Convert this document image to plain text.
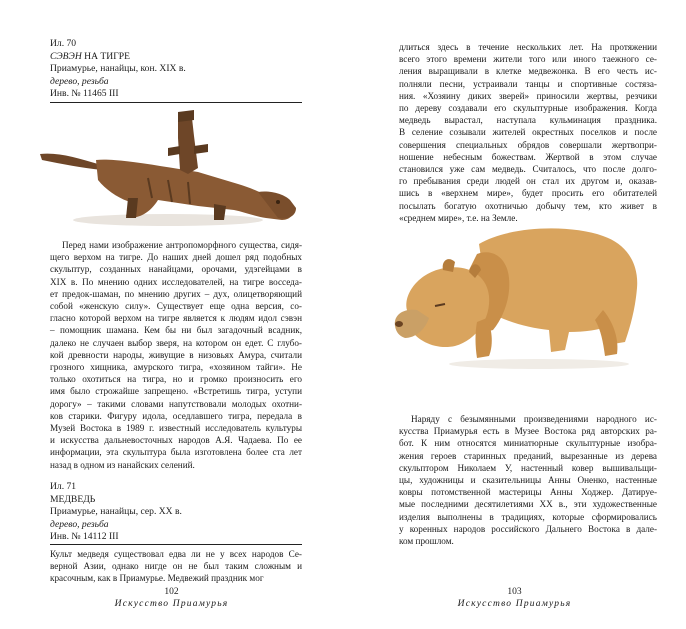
Ил. 70
СЭВЭН НА ТИГРЕ
Приамурье, нанайцы, кон. XIX в.
дерево, резьба
Инв. № 11465 III
Перед нами изображение антропоморфного существа, сидя-
щего верхом на тигре. До наших дней дошел ряд подобных
скульптур, созданных нанайцами, орочами, удэгейцами в
XIX в. По мнению одних исследователей, на тигре восседа-
ет предок-шаман, по мнению других – дух, олицетворяющий
собой «женскую силу». Существует еще одна версия, со-
гласно которой верхом на тигре является к людям идол сэвэн
– помощник шамана. Кем бы ни был загадочный всадник,
далеко не случаен выбор зверя, на котором он едет. С глубо-
кой древности народы, живущие в низовьях Амура, считали
грозного хищника, амурского тигра, «хозяином тайги». Не
только охотиться на тигра, но и громко произносить его
имя было строжайше запрещено. «Встретишь тигра, уступи
дорогу» – такими словами напутствовали молодых охотни-
ков старики. Фигуру идола, оседлавшего тигра, передала в
Музей Востока в 1989 г. известный исследователь культуры
и искусства дальневосточных народов А.Я. Чадаева. По ее
информации, эта скульптура была изготовлена более ста лет
назад в одном из нанайских селений.
Ил. 71
МЕДВЕДЬ
Приамурье, нанайцы, сер. XX в.
дерево, резьба
Инв. № 14112 III
Культ медведя существовал едва ли не у всех народов Се-
верной Азии, однако нигде он не был таким сложным и
красочным, как в Приамурье. Медвежий праздник мог
102
Искусство Приамурья
длиться здесь в течение нескольких лет. На протяжении
всего этого времени жители того или иного таежного се-
ления выращивали в клетке медвежонка. В его честь ис-
полняли песни, устраивали танцы и спортивные состяза-
ния. «Хозяину диких зверей» приносили жертвы, резчики
по дереву создавали его скульптурные изображения. Когда
медведь вырастал, наступала кульминация праздника.
В селение созывали жителей окрестных поселков и после
совершения специальных обрядов совершали жертвопри-
ношение небесным божествам. Жертвой в этом случае
становился уже сам медведь. Считалось, что после долго-
го пребывания среди людей он стал их другом и, оказав-
шись в «верхнем мире», будет просить его обитателей
посылать богатую охотничью добычу тем, кто живет в
«среднем мире», т.е. на Земле.
Наряду с безымянными произведениями народного ис-
кусства Приамурья есть в Музее Востока ряд авторских ра-
бот. К ним относятся миниатюрные скульптурные изобра-
жения героев старинных преданий, вырезанные из дерева
скульптором Николаем У, настенный ковер вышивальщи-
цы, художницы и сказительницы Анны Оненко, настенные
ковры потомственной мастерицы Анны Ходжер. Датируе-
мые последними десятилетиями XX в., эти художественные
изделия выполнены в традициях, которые сформировались
у коренных народов российского Дальнего Востока в дале-
ком прошлом.
103
Искусство Приамурья
